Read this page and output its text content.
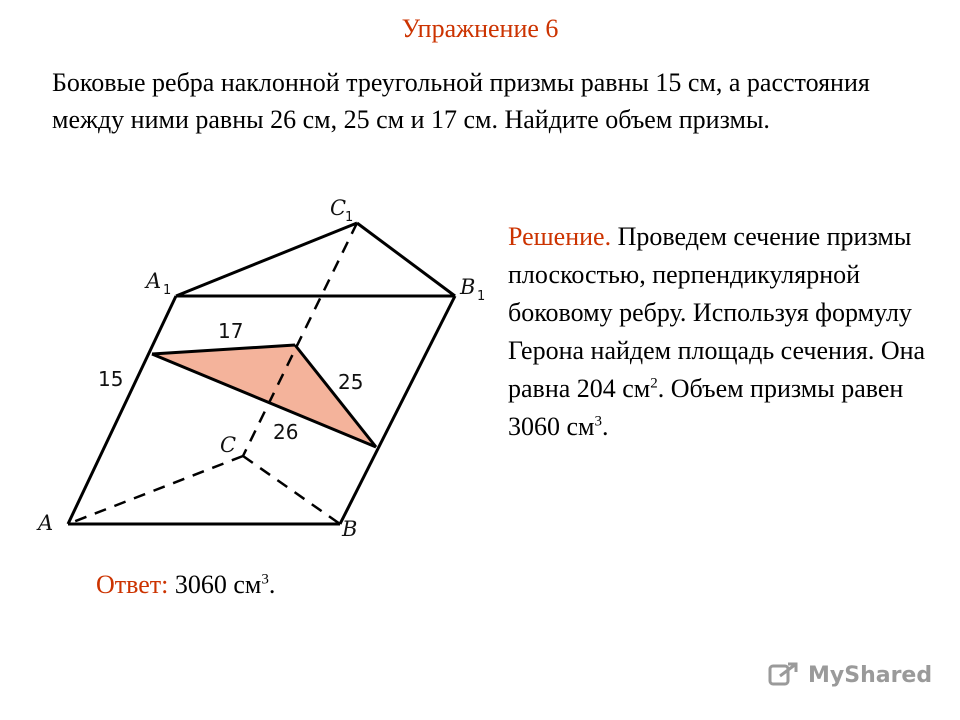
Упражнение 6
Боковые ребра наклонной треугольной призмы равны 15 см, а расстояния между ними равны 26 см, 25 см и 17 см. Найдите объем призмы.
Решение. Проведем сечение призмы плоскостью, перпендикулярной боковому ребру. Используя формулу Герона найдем площадь сечения. Она равна 204 $см^2$. Объем призмы равен 3060 $см^3$.
A	B
C
A 1	B 1
C
1
15
17
25
26
Ответ: 3060 $см^3$.
MyShared
